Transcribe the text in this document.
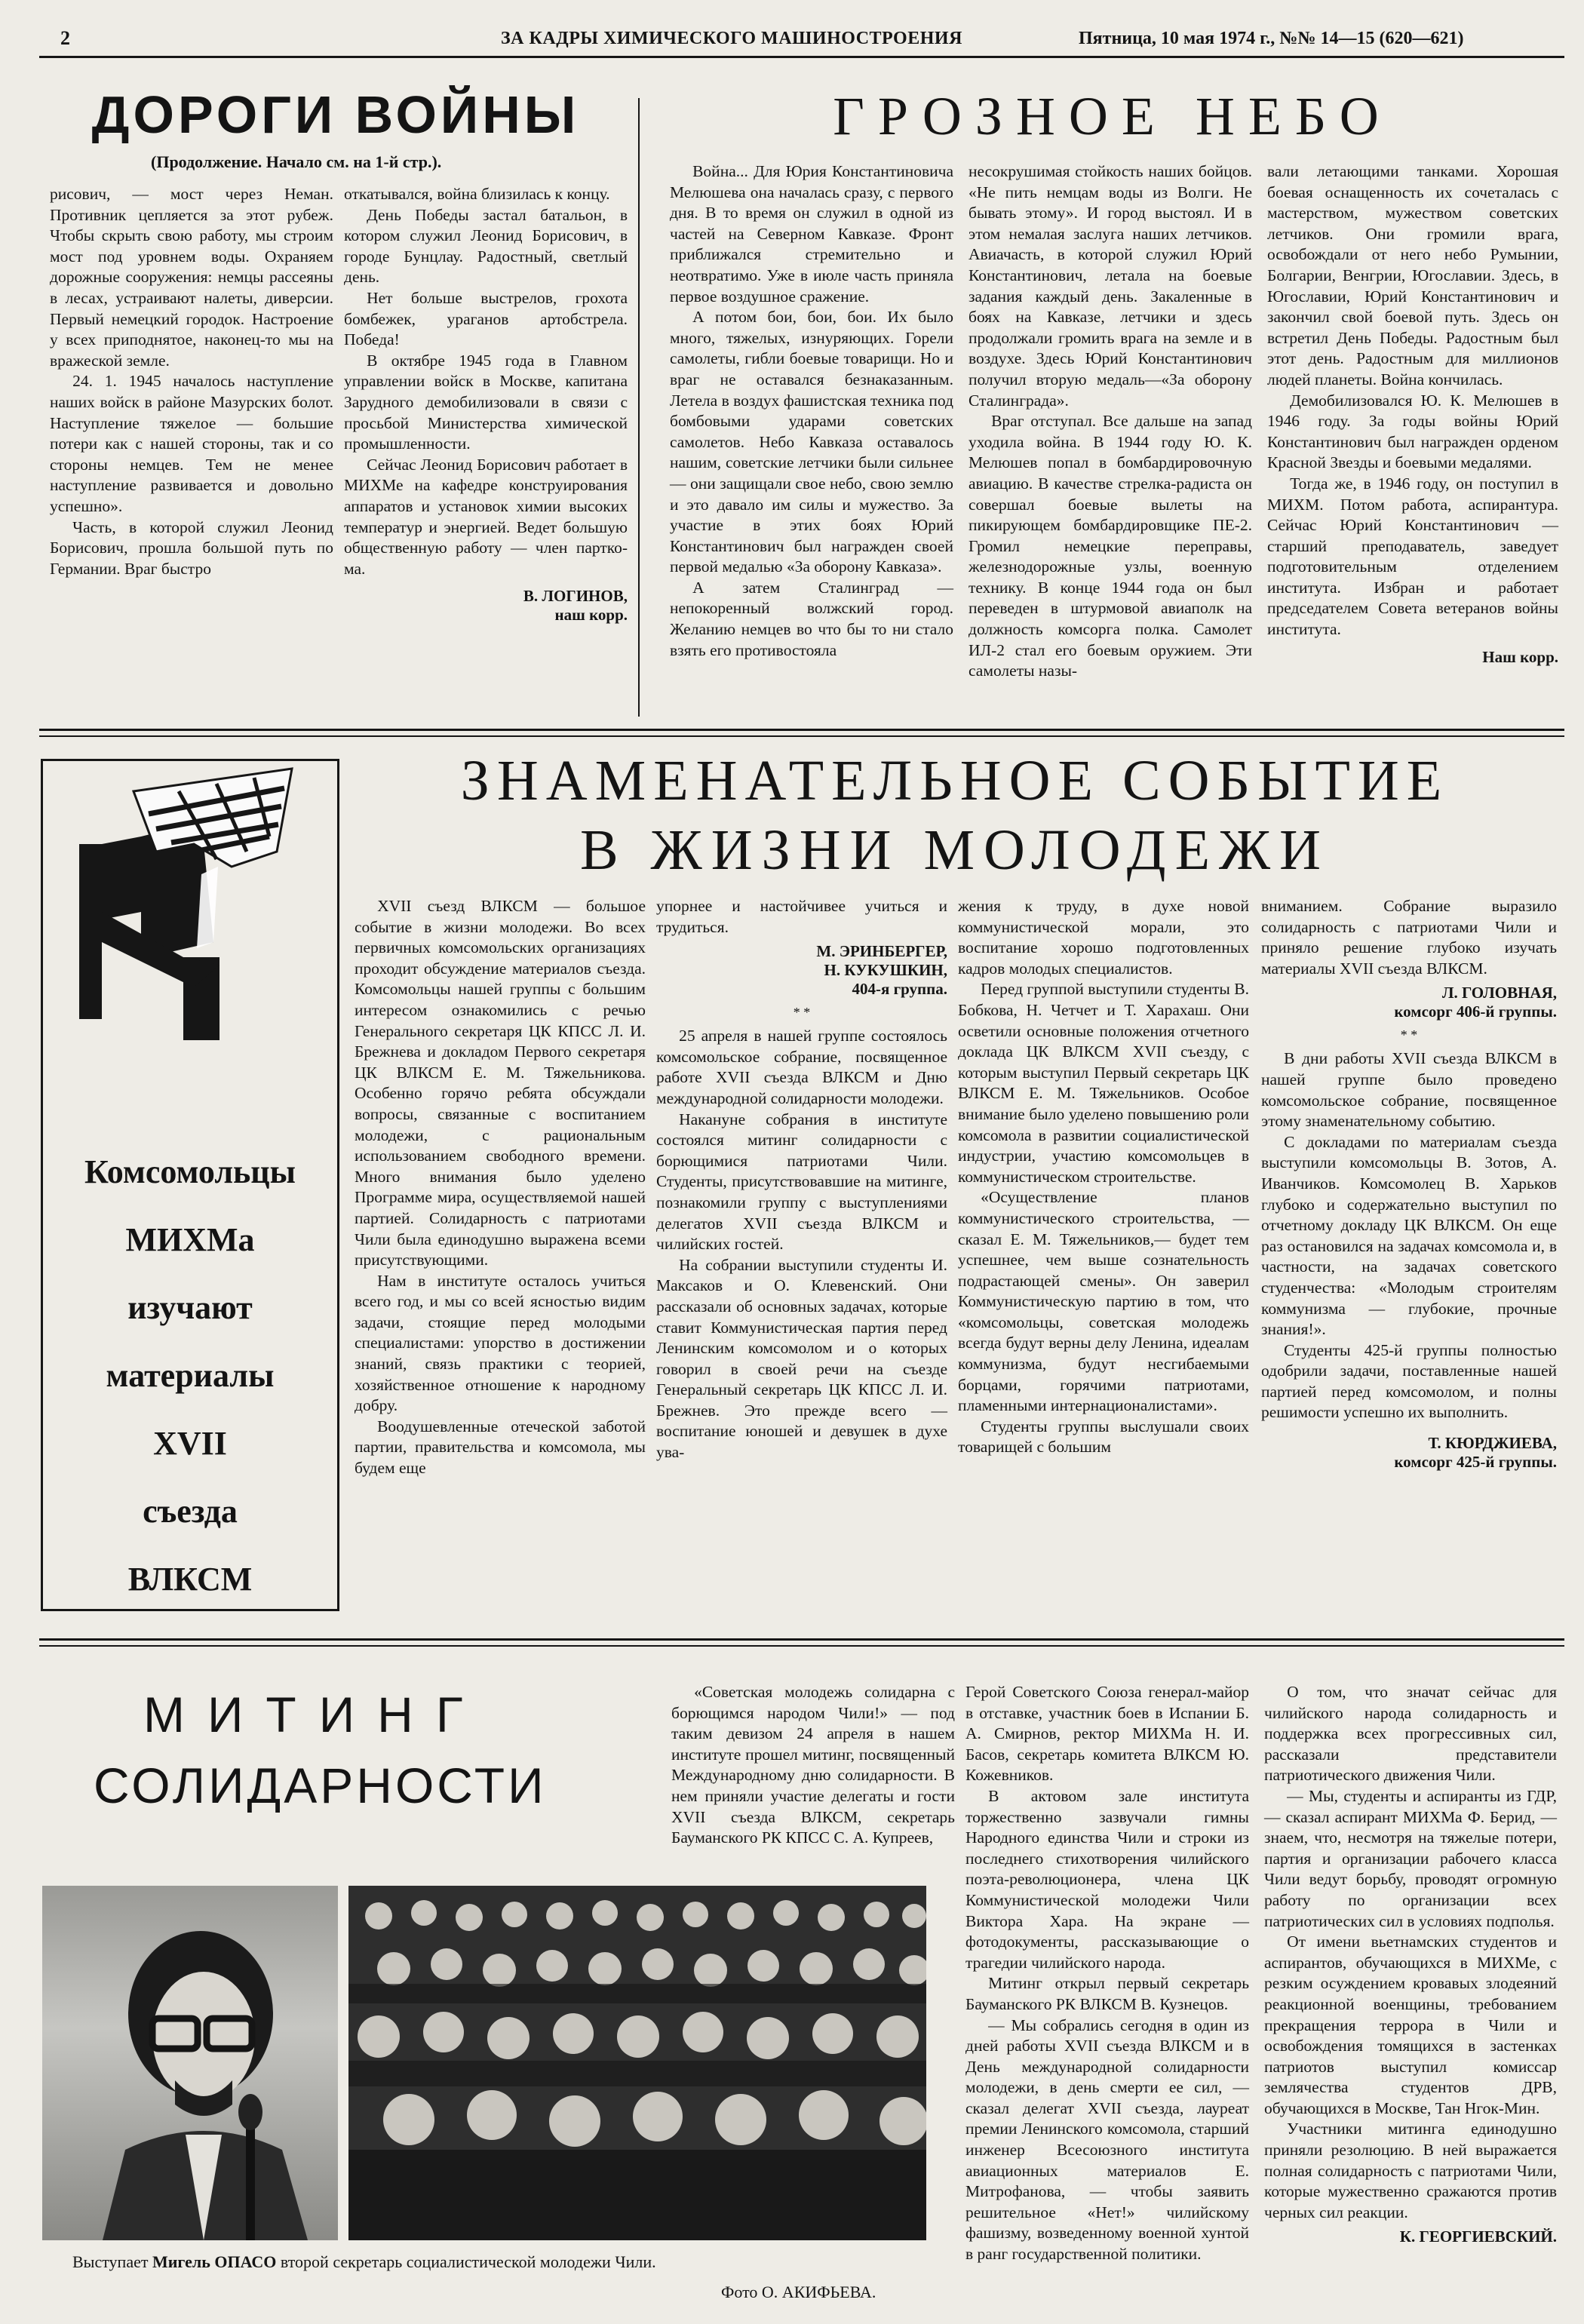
2	ЗА КАДРЫ ХИМИЧЕСКОГО МАШИНОСТРОЕНИЯ	Пятница, 10 мая 1974 г., №№ 14—15 (620—621)
ДОРОГИ ВОЙНЫ
(Продолжение. Начало см. на 1-й стр.).

рисович, — мост через Неман. Противник цепляется за этот рубеж. Чтобы скрыть свою работу, мы строим мост под уровнем воды. Охраняем дорожные сооружения: немцы рассеяны в лесах, устраивают налеты, диверсии. Первый немецкий городок. Настроение у всех приподнятое, наконец-то мы на вражеской земле.

24. 1. 1945 началось наступление наших войск в районе Мазурских болот. Наступление тяжелое — большие потери как с нашей стороны, так и со стороны немцев. Тем не менее наступление развивается и довольно успешно».

Часть, в которой служил Леонид Борисович, прошла большой путь по Германии. Враг быстро

откатывался, война близилась к концу.

День Победы застал батальон, в котором служил Леонид Борисович, в городе Бунцлау. Радостный, светлый день.

Нет больше выстрелов, грохота бомбежек, ураганов артобстрела. Победа!

В октябре 1945 года в Главном управлении войск в Москве, капитана Зарудного демобилизовали в связи с просьбой Министерства химической промышленности.

Сейчас Леонид Борисович работает в МИХМе на кафедре конструирования аппаратов и установок химии высоких температур и энергией. Ведет большую общественную работу — член партко-ма.

В. ЛОГИНОВ,
наш корр.
ГРОЗНОЕ НЕБО

Война... Для Юрия Константиновича Мелюшева она началась сразу, с первого дня. В то время он служил в одной из частей на Северном Кавказе. Фронт приближался стремительно и неотвратимо. Уже в июле часть приняла первое воздушное сражение.

А потом бои, бои, бои. Их было много, тяжелых, изнуряющих. Горели самолеты, гибли боевые товарищи. Но и враг не оставался безнаказанным. Летела в воздух фашистская техника под бомбовыми ударами советских самолетов. Небо Кавказа оставалось нашим, советские летчики были сильнее — они защищали свое небо, свою землю и это давало им силы и мужество. За участие в этих боях Юрий Константинович был награжден своей первой медалью «За оборону Кавказа».

А затем Сталинград — непокоренный волжский город. Желанию немцев во что бы то ни стало взять его противостояла

несокрушимая стойкость наших бойцов. «Не пить немцам воды из Волги. Не бывать этому». И город выстоял. И в этом немалая заслуга наших летчиков. Авиачасть, в которой служил Юрий Константинович, летала на боевые задания каждый день. Закаленные в боях на Кавказе, летчики и здесь продолжали громить врага на земле и в воздухе. Здесь Юрий Константинович получил вторую медаль—«За оборону Сталинграда».

Враг отступал. Все дальше на запад уходила война. В 1944 году Ю. К. Мелюшев попал в бомбардировочную авиацию. В качестве стрелка-радиста он совершал боевые вылеты на пикирующем бомбардировщике ПЕ-2. Громил немецкие переправы, железнодорожные узлы, военную технику. В конце 1944 года он был переведен в штурмовой авиаполк на должность комсорга полка. Самолет ИЛ-2 стал его боевым оружием. Эти самолеты назы-

вали летающими танками. Хорошая боевая оснащенность их сочеталась с мастерством, мужеством советских летчиков. Они громили врага, освобождали от него небо Румынии, Болгарии, Венгрии, Югославии. Здесь, в Югославии, Юрий Константинович и закончил свой боевой путь. Здесь он встретил День Победы. Радостным был этот день. Радостным для миллионов людей планеты. Война кончилась.

Демобилизовался Ю. К. Мелюшев в 1946 году. За годы войны Юрий Константинович был награжден орденом Красной Звезды и боевыми медалями.

Тогда же, в 1946 году, он поступил в МИХМ. Потом работа, аспирантура. Сейчас Юрий Константинович — старший преподаватель, заведует подготовительным отделением института. Избран и работает председателем Совета ветеранов войны института.

Наш корр.
Комсомольцы
МИХМа
изучают
материалы
XVII
съезда
ВЛКСМ
ЗНАМЕНАТЕЛЬНОЕ СОБЫТИЕ
В ЖИЗНИ МОЛОДЕЖИ

XVII съезд ВЛКСМ — большое событие в жизни молодежи. Во всех первичных комсомольских организациях проходит обсуждение материалов съезда. Комсомольцы нашей группы с большим интересом ознакомились с речью Генерального секретаря ЦК КПСС Л. И. Брежнева и докладом Первого секретаря ЦК ВЛКСМ Е. М. Тяжельникова. Особенно горячо ребята обсуждали вопросы, связанные с воспитанием молодежи, с рациональным использованием свободного времени. Много внимания было уделено Программе мира, осуществляемой нашей партией. Солидарность с патриотами Чили была единодушно выражена всеми присутствующими.

Нам в институте осталось учиться всего год, и мы со всей ясностью видим задачи, стоящие перед молодыми специалистами: упорство в достижении знаний, связь практики с теорией, хозяйственное отношение к народному добру.

Воодушевленные отеческой заботой партии, правительства и комсомола, мы будем еще

упорнее и настойчивее учиться и трудиться.

М. ЭРИНБЕРГЕР,
Н. КУКУШКИН,
404-я группа.
* *

25 апреля в нашей группе состоялось комсомольское собрание, посвященное работе XVII съезда ВЛКСМ и Дню международной солидарности молодежи.

Накануне собрания в институте состоялся митинг солидарности с борющимися патриотами Чили. Студенты, присутствовавшие на митинге, познакомили группу с выступлениями делегатов XVII съезда ВЛКСМ и чилийских гостей.

На собрании выступили студенты И. Максаков и О. Клевенский. Они рассказали об основных задачах, которые ставит Коммунистическая партия перед Ленинским комсомолом и о которых говорил в своей речи на съезде Генеральный секретарь ЦК КПСС Л. И. Брежнев. Это прежде всего — воспитание юношей и девушек в духе ува-

жения к труду, в духе новой коммунистической морали, это воспитание хорошо подготовленных кадров молодых специалистов.

Перед группой выступили студенты В. Бобкова, Н. Четчет и Т. Харахаш. Они осветили основные положения отчетного доклада ЦК ВЛКСМ XVII съезду, с которым выступил Первый секретарь ЦК ВЛКСМ Е. М. Тяжельников. Особое внимание было уделено повышению роли комсомола в развитии социалистической индустрии, участию комсомольцев в коммунистическом строительстве.

«Осуществление планов коммунистического строительства, — сказал Е. М. Тяжельников,— будет тем успешнее, чем выше сознательность подрастающей смены». Он заверил Коммунистическую партию в том, что «комсомольцы, советская молодежь всегда будут верны делу Ленина, идеалам коммунизма, будут несгибаемыми борцами, горячими патриотами, пламенными интернационалистами».

Студенты группы выслушали своих товарищей с большим

вниманием. Собрание выразило солидарность с патриотами Чили и приняло решение глубоко изучать материалы XVII съезда ВЛКСМ.

Л. ГОЛОВНАЯ,
комсорг 406-й группы.
* *

В дни работы XVII съезда ВЛКСМ в нашей группе было проведено комсомольское собрание, посвященное этому знаменательному событию.

С докладами по материалам съезда выступили комсомольцы В. Зотов, А. Иванчиков. Комсомолец В. Харьков глубоко и содержательно выступил по отчетному докладу ЦК ВЛКСМ. Он еще раз остановился на задачах комсомола и, в частности, на задачах советского студенчества: «Молодым строителям коммунизма — глубокие, прочные знания!».

Студенты 425-й группы полностью одобрили задачи, поставленные нашей партией перед комсомолом, и полны решимости успешно их выполнить.

Т. КЮРДЖИЕВА,
комсорг 425-й группы.
МИТИНГ
СОЛИДАРНОСТИ
Выступает Мигель ОПАСО второй секретарь социалистической молодежи Чили.
Фото О. АКИФЬЕВА.

«Советская молодежь солидарна с борющимся народом Чили!» — под таким девизом 24 апреля в нашем институте прошел митинг, посвященный Международному дню солидарности. В нем приняли участие делегаты и гости XVII съезда ВЛКСМ, секретарь Бауманского РК КПСС С. А. Купреев,

Герой Советского Союза генерал-майор в отставке, участник боев в Испании Б. А. Смирнов, ректор МИХМа Н. И. Басов, секретарь комитета ВЛКСМ Ю. Кожевников.

В актовом зале института торжественно зазвучали гимны Народного единства Чили и строки из последнего стихотворения чилийского поэта-революционера, члена ЦК Коммунистической молодежи Чили Виктора Хара. На экране — фотодокументы, рассказывающие о трагедии чилийского народа.

Митинг открыл первый секретарь Бауманского РК ВЛКСМ В. Кузнецов.

— Мы собрались сегодня в один из дней работы XVII съезда ВЛКСМ и в День международной солидарности молодежи, в день смерти ее сил, — сказал делегат XVII съезда, лауреат премии Ленинского комсомола, старший инженер Всесоюзного института авиационных материалов Е. Митрофанова, — чтобы заявить решительное «Нет!» чилийскому фашизму, возведенному военной хунтой в ранг государственной политики.

О том, что значат сейчас для чилийского народа солидарность и поддержка всех прогрессивных сил, рассказали представители патриотического движения Чили.

— Мы, студенты и аспиранты из ГДР, — сказал аспирант МИХМа Ф. Берид, — знаем, что, несмотря на тяжелые потери, партия и организации рабочего класса Чили ведут борьбу, проводят огромную работу по организации всех патриотических сил в условиях подполья.

От имени вьетнамских студентов и аспирантов, обучающихся в МИХМе, с резким осуждением кровавых злодеяний реакционной военщины, требованием прекращения террора в Чили и освобождения томящихся в застенках патриотов выступил комиссар землячества студентов ДРВ, обучающихся в Москве, Тан Нгок-Мин.

Участники митинга единодушно приняли резолюцию. В ней выражается полная солидарность с патриотами Чили, которые мужественно сражаются против черных сил реакции.

К. ГЕОРГИЕВСКИЙ.
